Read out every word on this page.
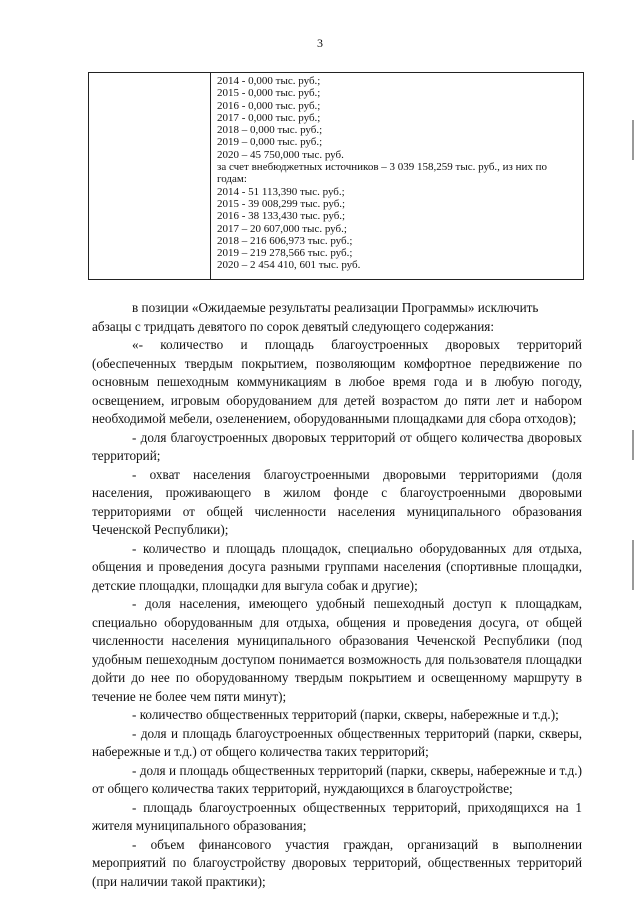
3
2014 - 0,000 тыс. руб.;
2015 - 0,000 тыс. руб.;
2016 - 0,000 тыс. руб.;
2017 - 0,000 тыс. руб.;
2018 – 0,000 тыс. руб.;
2019 – 0,000 тыс. руб.;
2020 – 45 750,000 тыс. руб.
за счет внебюджетных источников – 3 039 158,259 тыс. руб., из них по годам:
2014 - 51 113,390 тыс. руб.;
2015 - 39 008,299 тыс. руб.;
2016 - 38 133,430 тыс. руб.;
2017 – 20 607,000 тыс. руб.;
2018 – 216 606,973 тыс. руб.;
2019 – 219 278,566 тыс. руб.;
2020 – 2 454 410, 601 тыс. руб.

в позиции «Ожидаемые результаты реализации Программы» исключить

абзацы с тридцать девятого по сорок девятый следующего содержания:

«- количество и площадь благоустроенных дворовых территорий (обеспеченных твердым покрытием, позволяющим комфортное передвижение по основным пешеходным коммуникациям в любое время года и в любую погоду, освещением, игровым оборудованием для детей возрастом до пяти лет и набором необходимой мебели, озеленением, оборудованными площадками для сбора отходов);

- доля благоустроенных дворовых территорий от общего количества дворовых территорий;

- охват населения благоустроенными дворовыми территориями (доля населения, проживающего в жилом фонде с благоустроенными дворовыми территориями от общей численности населения муниципального образования Чеченской Республики);

- количество и площадь площадок, специально оборудованных для отдыха, общения и проведения досуга разными группами населения (спортивные площадки, детские площадки, площадки для выгула собак и другие);

- доля населения, имеющего удобный пешеходный доступ к площадкам, специально оборудованным для отдыха, общения и проведения досуга, от общей численности населения муниципального образования Чеченской Республики (под удобным пешеходным доступом понимается возможность для пользователя площадки дойти до нее по оборудованному твердым покрытием и освещенному маршруту в течение не более чем пяти минут);

- количество общественных территорий (парки, скверы, набережные и т.д.);

- доля и площадь благоустроенных общественных территорий (парки, скверы, набережные и т.д.) от общего количества таких территорий;

- доля и площадь общественных территорий (парки, скверы, набережные и т.д.) от общего количества таких территорий, нуждающихся в благоустройстве;

- площадь благоустроенных общественных территорий, приходящихся на 1 жителя муниципального образования;

- объем финансового участия граждан, организаций в выполнении мероприятий по благоустройству дворовых территорий, общественных территорий (при наличии такой практики);
